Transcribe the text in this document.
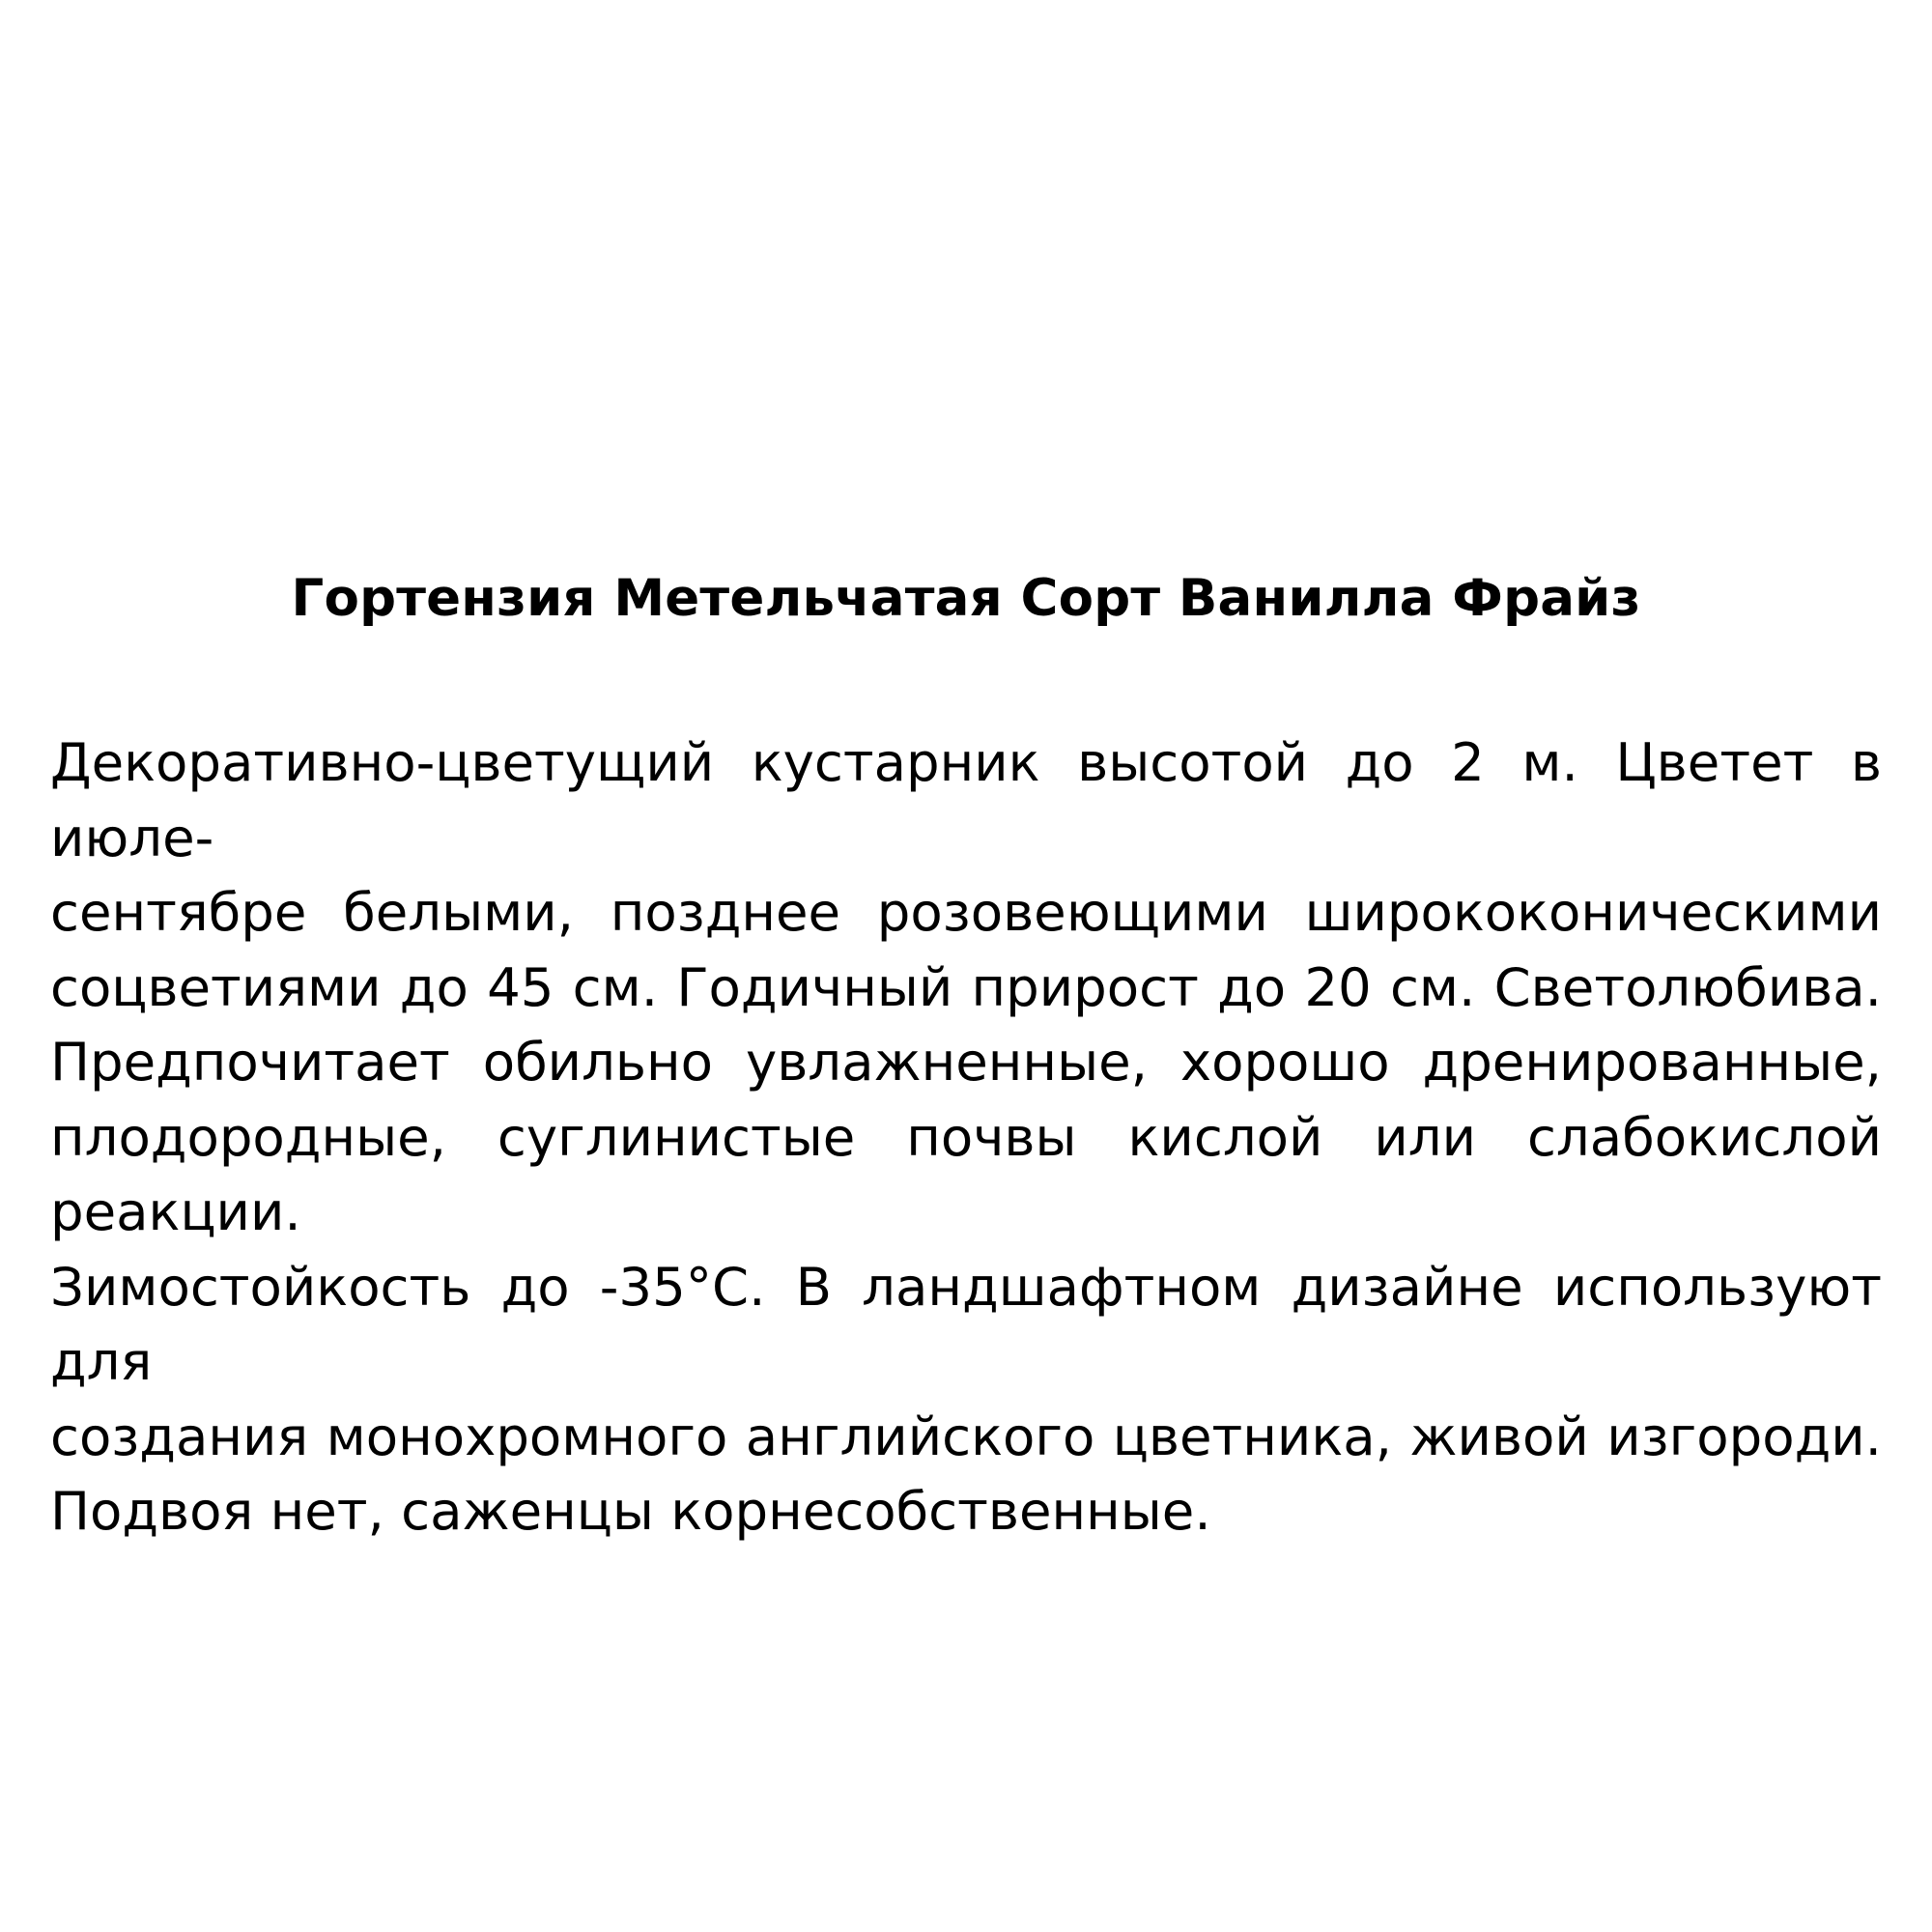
Гортензия Метельчатая Сорт Ванилла Фрайз
Декоративно-цветущий кустарник высотой до 2 м. Цветет в июле-
сентябре белыми, позднее розовеющими ширококоническими
соцветиями до 45 см. Годичный прирост до 20 см. Светолюбива.
Предпочитает обильно увлажненные, хорошо дренированные,
плодородные, суглинистые почвы кислой или слабокислой реакции.
Зимостойкость до -35°С. В ландшафтном дизайне используют для
создания монохромного английского цветника, живой изгороди.
Подвоя нет, саженцы корнесобственные.
